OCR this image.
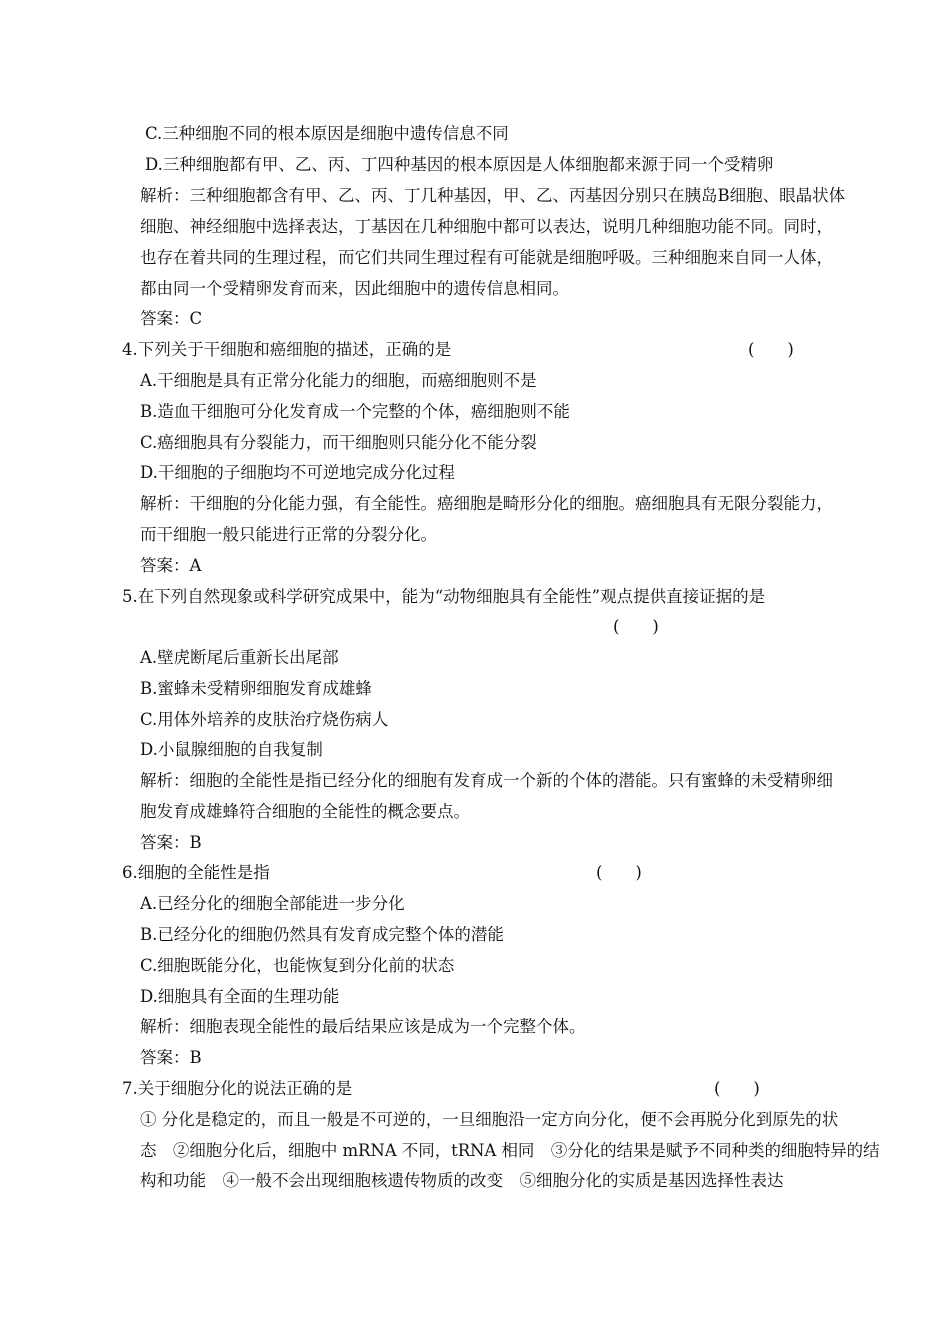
C.三种细胞不同的根本原因是细胞中遗传信息不同
D.三种细胞都有甲、乙、丙、丁四种基因的根本原因是人体细胞都来源于同一个受精卵
解析：三种细胞都含有甲、乙、丙、丁几种基因，甲、乙、丙基因分别只在胰岛B细胞、眼晶状体
细胞、神经细胞中选择表达，丁基因在几种细胞中都可以表达，说明几种细胞功能不同。同时，
也存在着共同的生理过程，而它们共同生理过程有可能就是细胞呼吸。三种细胞来自同一人体，
都由同一个受精卵发育而来，因此细胞中的遗传信息相同。
答案：C
4.下列关于干细胞和癌细胞的描述，正确的是	(　　)
A.干细胞是具有正常分化能力的细胞，而癌细胞则不是
B.造血干细胞可分化发育成一个完整的个体，癌细胞则不能
C.癌细胞具有分裂能力，而干细胞则只能分化不能分裂
D.干细胞的子细胞均不可逆地完成分化过程
解析：干细胞的分化能力强，有全能性。癌细胞是畸形分化的细胞。癌细胞具有无限分裂能力，
而干细胞一般只能进行正常的分裂分化。
答案：A
5.在下列自然现象或科学研究成果中，能为“动物细胞具有全能性”观点提供直接证据的是
(　　)
A.壁虎断尾后重新长出尾部
B.蜜蜂未受精卵细胞发育成雄蜂
C.用体外培养的皮肤治疗烧伤病人
D.小鼠腺细胞的自我复制
解析：细胞的全能性是指已经分化的细胞有发育成一个新的个体的潜能。只有蜜蜂的未受精卵细
胞发育成雄蜂符合细胞的全能性的概念要点。
答案：B
6.细胞的全能性是指	(　　)
A.已经分化的细胞全部能进一步分化
B.已经分化的细胞仍然具有发育成完整个体的潜能
C.细胞既能分化，也能恢复到分化前的状态
D.细胞具有全面的生理功能
解析：细胞表现全能性的最后结果应该是成为一个完整个体。
答案：B
7.关于细胞分化的说法正确的是	(　　)
① 分化是稳定的，而且一般是不可逆的，一旦细胞沿一定方向分化，便不会再脱分化到原先的状
态　②细胞分化后，细胞中 mRNA 不同，tRNA 相同　③分化的结果是赋予不同种类的细胞特异的结
构和功能　④一般不会出现细胞核遗传物质的改变　⑤细胞分化的实质是基因选择性表达
